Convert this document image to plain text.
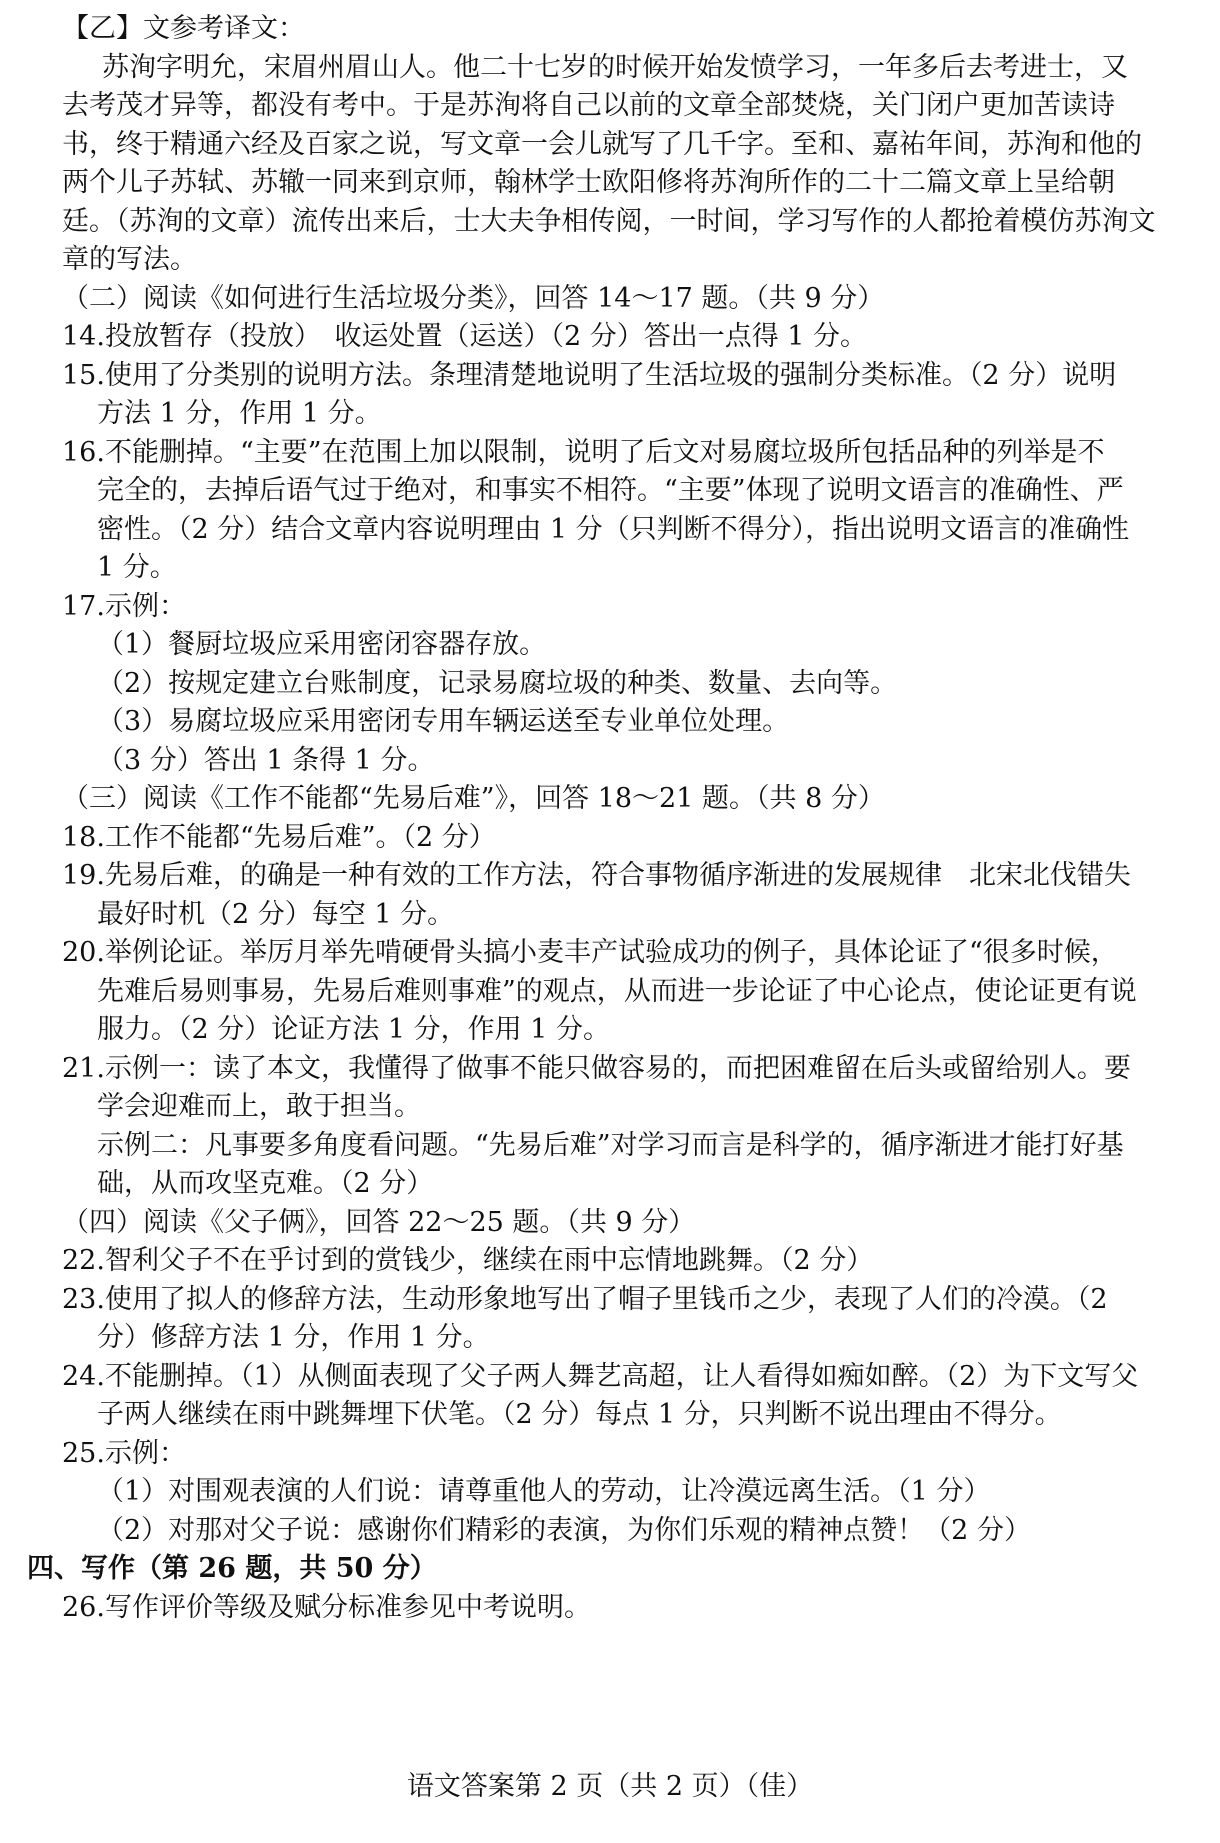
【乙】文参考译文：
苏洵字明允，宋眉州眉山人。他二十七岁的时候开始发愤学习，一年多后去考进士，又
去考茂才异等，都没有考中。于是苏洵将自己以前的文章全部焚烧，关门闭户更加苦读诗
书，终于精通六经及百家之说，写文章一会儿就写了几千字。至和、嘉祐年间，苏洵和他的
两个儿子苏轼、苏辙一同来到京师，翰林学士欧阳修将苏洵所作的二十二篇文章上呈给朝
廷。（苏洵的文章）流传出来后，士大夫争相传阅，一时间，学习写作的人都抢着模仿苏洵文
章的写法。
（二）阅读《如何进行生活垃圾分类》，回答 14～17 题。（共 9 分）
14.投放暂存（投放）　收运处置（运送）（2 分）答出一点得 1 分。
15.使用了分类别的说明方法。条理清楚地说明了生活垃圾的强制分类标准。（2 分）说明
方法 1 分，作用 1 分。
16.不能删掉。“主要”在范围上加以限制，说明了后文对易腐垃圾所包括品种的列举是不
完全的，去掉后语气过于绝对，和事实不相符。“主要”体现了说明文语言的准确性、严
密性。（2 分）结合文章内容说明理由 1 分（只判断不得分），指出说明文语言的准确性
1 分。
17.示例：
（1）餐厨垃圾应采用密闭容器存放。
（2）按规定建立台账制度，记录易腐垃圾的种类、数量、去向等。
（3）易腐垃圾应采用密闭专用车辆运送至专业单位处理。
（3 分）答出 1 条得 1 分。
（三）阅读《工作不能都“先易后难”》，回答 18～21 题。（共 8 分）
18.工作不能都“先易后难”。（2 分）
19.先易后难，的确是一种有效的工作方法，符合事物循序渐进的发展规律　北宋北伐错失
最好时机（2 分）每空 1 分。
20.举例论证。举厉月举先啃硬骨头搞小麦丰产试验成功的例子，具体论证了“很多时候，
先难后易则事易，先易后难则事难”的观点，从而进一步论证了中心论点，使论证更有说
服力。（2 分）论证方法 1 分，作用 1 分。
21.示例一：读了本文，我懂得了做事不能只做容易的，而把困难留在后头或留给别人。要
学会迎难而上，敢于担当。
示例二：凡事要多角度看问题。“先易后难”对学习而言是科学的，循序渐进才能打好基
础，从而攻坚克难。（2 分）
（四）阅读《父子俩》，回答 22～25 题。（共 9 分）
22.智利父子不在乎讨到的赏钱少，继续在雨中忘情地跳舞。（2 分）
23.使用了拟人的修辞方法，生动形象地写出了帽子里钱币之少，表现了人们的冷漠。（2
分）修辞方法 1 分，作用 1 分。
24.不能删掉。（1）从侧面表现了父子两人舞艺高超，让人看得如痴如醉。（2）为下文写父
子两人继续在雨中跳舞埋下伏笔。（2 分）每点 1 分，只判断不说出理由不得分。
25.示例：
（1）对围观表演的人们说：请尊重他人的劳动，让冷漠远离生活。（1 分）
（2）对那对父子说：感谢你们精彩的表演，为你们乐观的精神点赞！（2 分）
四、写作（第 26 题，共 50 分）
26.写作评价等级及赋分标准参见中考说明。
语文答案第 2 页（共 2 页）（佳）
